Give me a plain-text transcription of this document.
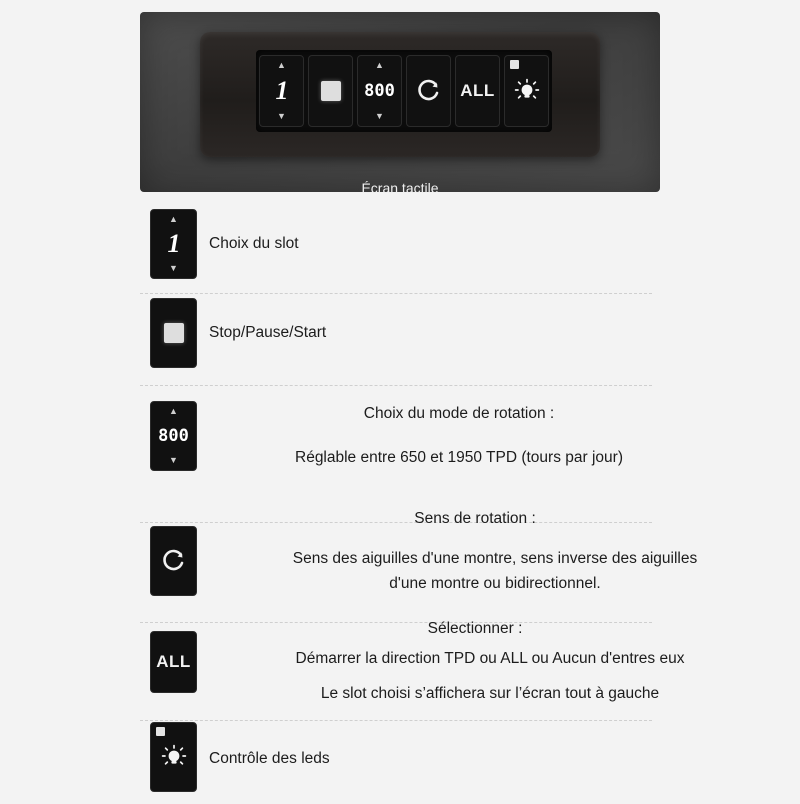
▲
1
▼
▲
800
▼
ALL
Écran tactile
▲
1
▼
Choix du slot
Stop/Pause/Start
▲
800
▼
Choix du mode de rotation :
Réglable entre 650 et 1950 TPD (tours par jour)
Sens de rotation :
Sens des aiguilles d'une montre, sens inverse des aiguilles
d'une montre ou bidirectionnel.
ALL
Sélectionner :
Démarrer la direction TPD ou ALL ou Aucun d'entres eux
Le slot choisi s’affichera sur l’écran tout à gauche
Contrôle des leds
